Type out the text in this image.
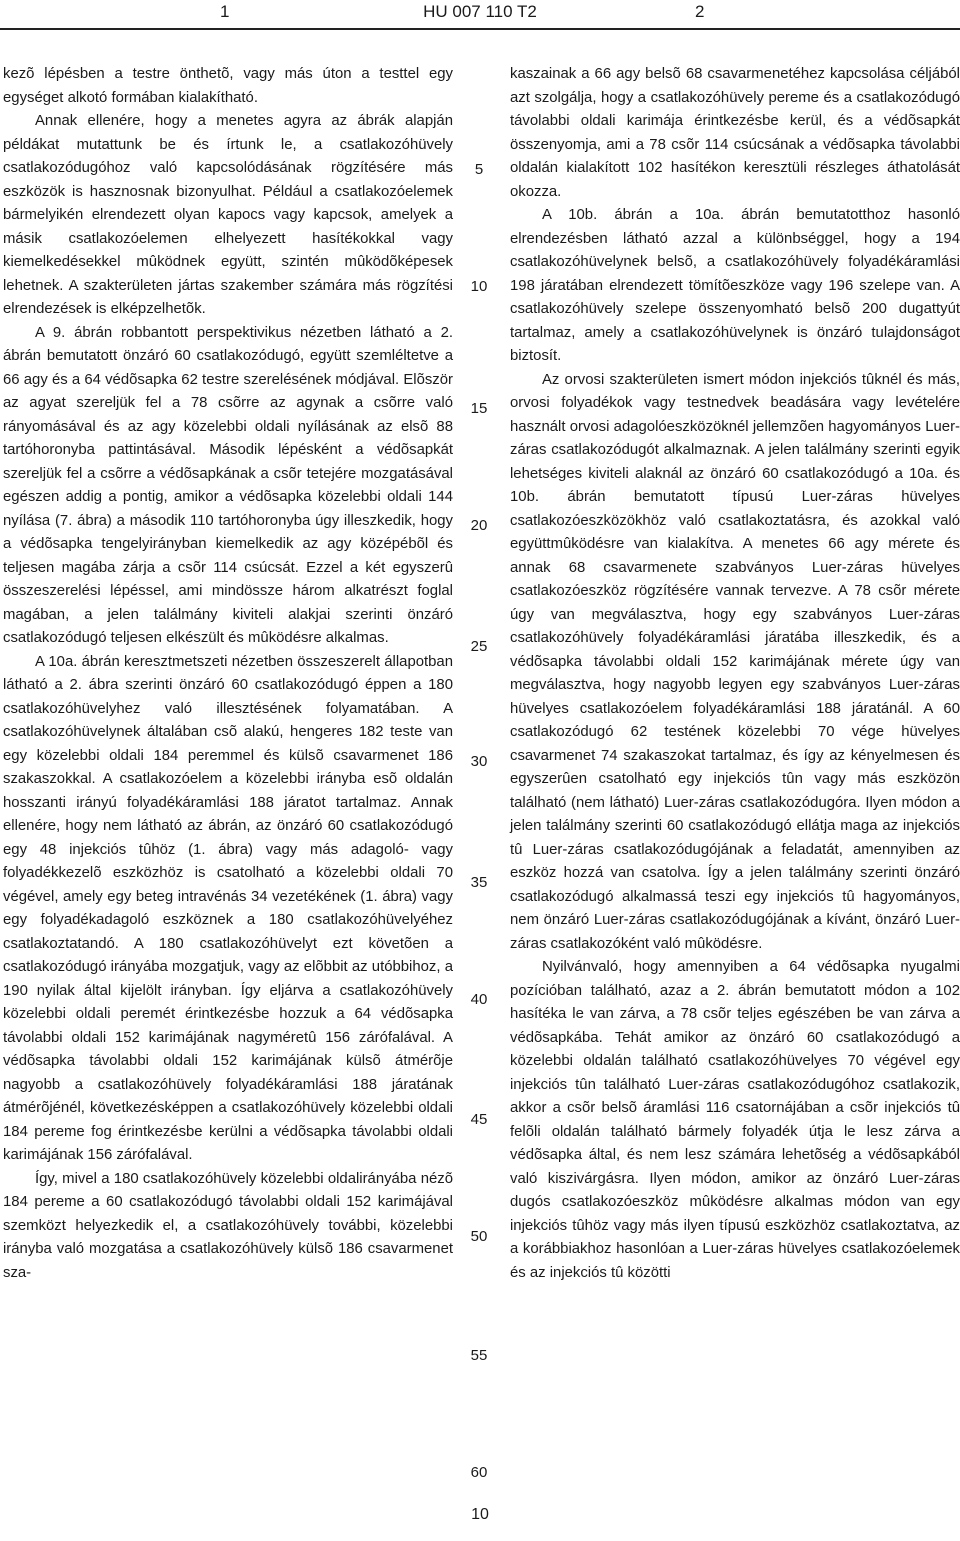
1	HU 007 110 T2	2

kezõ lépésben a testre önthetõ, vagy más úton a testtel egy egységet alkotó formában kialakítható.

Annak ellenére, hogy a menetes agyra az ábrák alapján példákat mutattunk be és írtunk le, a csatlakozóhüvely csatlakozódugóhoz való kapcsolódásának rögzítésére más eszközök is hasznosnak bizonyulhat. Például a csatlakozóelemek bármelyikén elrendezett olyan kapocs vagy kapcsok, amelyek a másik csatlakozóelemen elhelyezett hasítékokkal vagy kiemelkedésekkel mûködnek együtt, szintén mûködõképesek lehetnek. A szakterületen jártas szakember számára más rögzítési elrendezések is elképzelhetõk.

A 9. ábrán robbantott perspektivikus nézetben látható a 2. ábrán bemutatott önzáró 60 csatlakozódugó, együtt szemléltetve a 66 agy és a 64 védõsapka 62 testre szerelésének módjával. Elõször az agyat szereljük fel a 78 csõrre az agynak a csõrre való rányomásával és az agy közelebbi oldali nyílásának az elsõ 88 tartóhoronyba pattintásával. Második lépésként a védõsapkát szereljük fel a csõrre a védõsapkának a csõr tetejére mozgatásával egészen addig a pontig, amikor a védõsapka közelebbi oldali 144 nyílása (7. ábra) a második 110 tartóhoronyba úgy illeszkedik, hogy a védõsapka tengelyirányban kiemelkedik az agy középébõl és teljesen magába zárja a csõr 114 csúcsát. Ezzel a két egyszerû összeszerelési lépéssel, ami mindössze három alkatrészt foglal magában, a jelen találmány kiviteli alakjai szerinti önzáró csatlakozódugó teljesen elkészült és mûködésre alkalmas.

A 10a. ábrán keresztmetszeti nézetben összeszerelt állapotban látható a 2. ábra szerinti önzáró 60 csatlakozódugó éppen a 180 csatlakozóhüvelyhez való illesztésének folyamatában. A csatlakozóhüvelynek általában csõ alakú, hengeres 182 teste van egy közelebbi oldali 184 peremmel és külsõ csavarmenet 186 szakaszokkal. A csatlakozóelem a közelebbi irányba esõ oldalán hosszanti irányú folyadékáramlási 188 járatot tartalmaz. Annak ellenére, hogy nem látható az ábrán, az önzáró 60 csatlakozódugó egy 48 injekciós tûhöz (1. ábra) vagy más adagoló- vagy folyadékkezelõ eszközhöz is csatolható a közelebbi oldali 70 végével, amely egy beteg intravénás 34 vezetékének (1. ábra) vagy egy folyadékadagoló eszköznek a 180 csatlakozóhüvelyéhez csatlakoztatandó. A 180 csatlakozóhüvelyt ezt követõen a csatlakozódugó irányába mozgatjuk, vagy az elõbbit az utóbbihoz, a 190 nyilak által kijelölt irányban. Így eljárva a csatlakozóhüvely közelebbi oldali peremét érintkezésbe hozzuk a 64 védõsapka távolabbi oldali 152 karimájának nagyméretû 156 zárófalával. A védõsapka távolabbi oldali 152 karimájának külsõ átmérõje nagyobb a csatlakozóhüvely folyadékáramlási 188 járatának átmérõjénél, következésképpen a csatlakozóhüvely közelebbi oldali 184 pereme fog érintkezésbe kerülni a védõsapka távolabbi oldali karimájának 156 zárófalával.

Így, mivel a 180 csatlakozóhüvely közelebbi oldalirányába nézõ 184 pereme a 60 csatlakozódugó távolabbi oldali 152 karimájával szemközt helyezkedik el, a csatlakozóhüvely további, közelebbi irányba való mozgatása a csatlakozóhüvely külsõ 186 csavarmenet sza-

5
10
15
20
25
30
35
40
45
50
55
60

kaszainak a 66 agy belsõ 68 csavarmenetéhez kapcsolása céljából azt szolgálja, hogy a csatlakozóhüvely pereme és a csatlakozódugó távolabbi oldali karimája érintkezésbe kerül, és a védõsapkát összenyomja, ami a 78 csõr 114 csúcsának a védõsapka távolabbi oldalán kialakított 102 hasítékon keresztüli részleges áthatolását okozza.

A 10b. ábrán a 10a. ábrán bemutatotthoz hasonló elrendezésben látható azzal a különbséggel, hogy a 194 csatlakozóhüvelynek belsõ, a csatlakozóhüvely folyadékáramlási 198 járatában elrendezett tömítõeszköze vagy 196 szelepe van. A csatlakozóhüvely szelepe összenyomható belsõ 200 dugattyút tartalmaz, amely a csatlakozóhüvelynek is önzáró tulajdonságot biztosít.

Az orvosi szakterületen ismert módon injekciós tûknél és más, orvosi folyadékok vagy testnedvek beadására vagy levételére használt orvosi adagolóeszközöknél jellemzõen hagyományos Luer-záras csatlakozódugót alkalmaznak. A jelen találmány szerinti egyik lehetséges kiviteli alaknál az önzáró 60 csatlakozódugó a 10a. és 10b. ábrán bemutatott típusú Luer-záras hüvelyes csatlakozóeszközökhöz való csatlakoztatásra, és azokkal való együttmûködésre van kialakítva. A menetes 66 agy mérete és annak 68 csavarmenete szabványos Luer-záras hüvelyes csatlakozóeszköz rögzítésére vannak tervezve. A 78 csõr mérete úgy van megválasztva, hogy egy szabványos Luer-záras csatlakozóhüvely folyadékáramlási járatába illeszkedik, és a védõsapka távolabbi oldali 152 karimájának mérete úgy van megválasztva, hogy nagyobb legyen egy szabványos Luer-záras hüvelyes csatlakozóelem folyadékáramlási 188 járatánál. A 60 csatlakozódugó 62 testének közelebbi 70 vége hüvelyes csavarmenet 74 szakaszokat tartalmaz, és így az kényelmesen és egyszerûen csatolható egy injekciós tûn vagy más eszközön található (nem látható) Luer-záras csatlakozódugóra. Ilyen módon a jelen találmány szerinti 60 csatlakozódugó ellátja maga az injekciós tû Luer-záras csatlakozódugójának a feladatát, amennyiben az eszköz hozzá van csatolva. Így a jelen találmány szerinti önzáró csatlakozódugó alkalmassá teszi egy injekciós tû hagyományos, nem önzáró Luer-záras csatlakozódugójának a kívánt, önzáró Luer-záras csatlakozóként való mûködésre.

Nyilvánvaló, hogy amennyiben a 64 védõsapka nyugalmi pozícióban található, azaz a 2. ábrán bemutatott módon a 102 hasítéka le van zárva, a 78 csõr teljes egészében be van zárva a védõsapkába. Tehát amikor az önzáró 60 csatlakozódugó a közelebbi oldalán található csatlakozóhüvelyes 70 végével egy injekciós tûn található Luer-záras csatlakozódugóhoz csatlakozik, akkor a csõr belsõ áramlási 116 csatornájában a csõr injekciós tû felõli oldalán található bármely folyadék útja le lesz zárva a védõsapka által, és nem lesz számára lehetõség a védõsapkából való kiszivárgásra. Ilyen módon, amikor az önzáró Luer-záras dugós csatlakozóeszköz mûködésre alkalmas módon van egy injekciós tûhöz vagy más ilyen típusú eszközhöz csatlakoztatva, az a korábbiakhoz hasonlóan a Luer-záras hüvelyes csatlakozóelemek és az injekciós tû közötti

10
